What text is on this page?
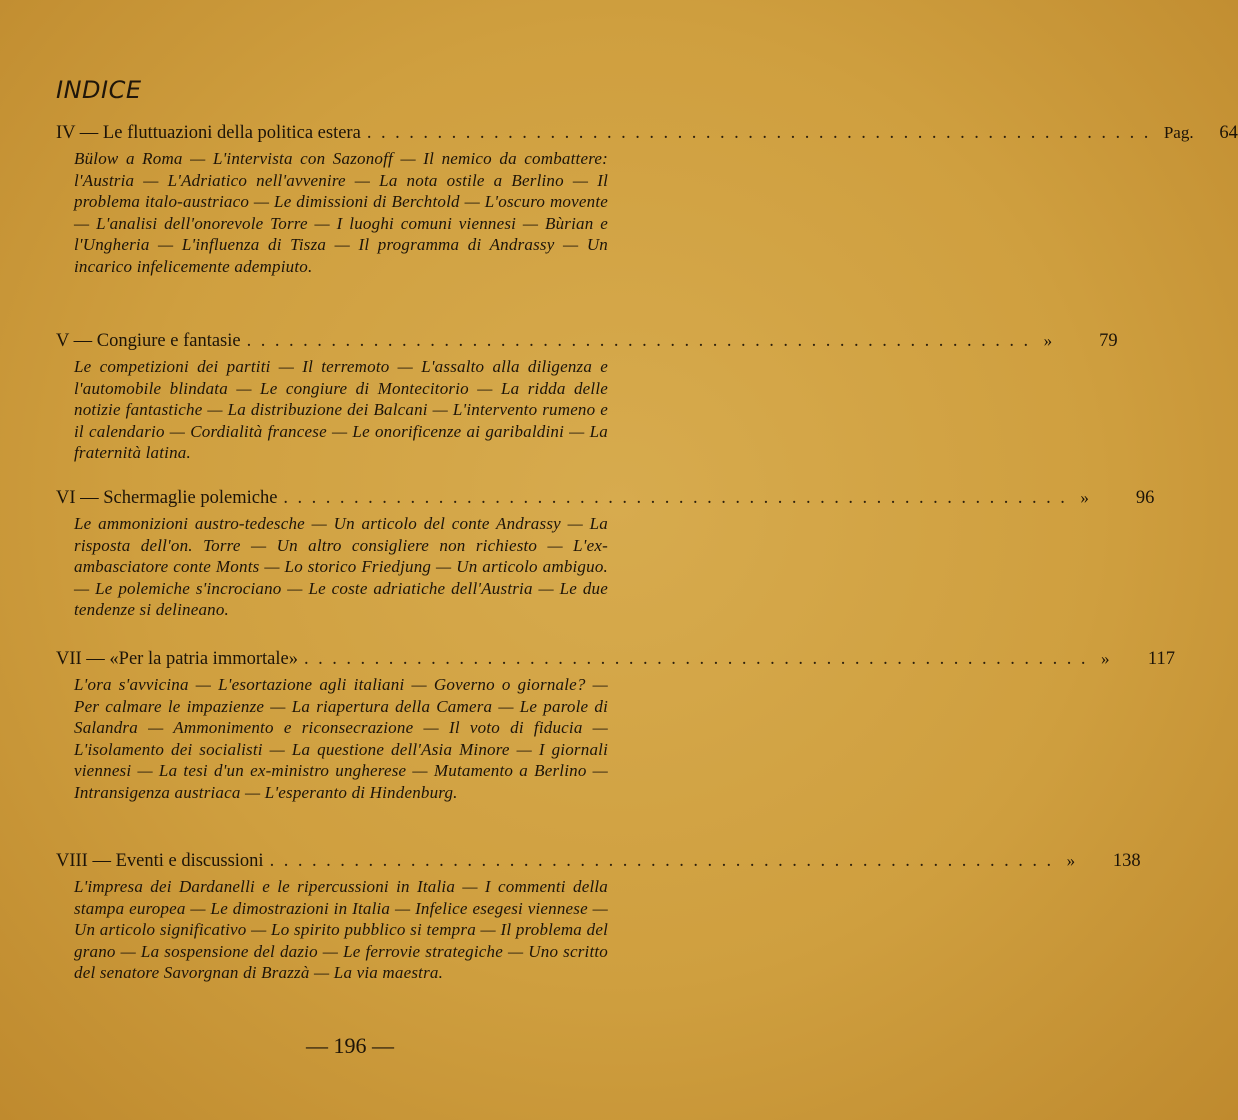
INDICE
IV — Le fluttuazioni della politica estera ........................................................ Pag. 64
Bülow a Roma — L'intervista con Sazonoff — Il nemico da combattere: l'Austria — L'Adriatico nell'avvenire — La nota ostile a Berlino — Il problema italo-austriaco — Le dimissioni di Berchtold — L'oscuro movente — L'analisi dell'onorevole Torre — I luoghi comuni viennesi — Bùrian e l'Ungheria — L'influenza di Tisza — Il programma di Andrassy — Un incarico infelicemente adempiuto.
V — Congiure e fantasie ........................................................ »	79
Le competizioni dei partiti — Il terremoto — L'assalto alla diligenza e l'automobile blindata — Le congiure di Montecitorio — La ridda delle notizie fantastiche — La distribuzione dei Balcani — L'intervento rumeno e il calendario — Cordialità francese — Le onorificenze ai garibaldini — La fraternità latina.
VI — Schermaglie polemiche ........................................................ »	96
Le ammonizioni austro-tedesche — Un articolo del conte Andrassy — La risposta dell'on. Torre — Un altro consigliere non richiesto — L'ex-ambasciatore conte Monts — Lo storico Friedjung — Un articolo ambiguo. — Le polemiche s'incrociano — Le coste adriatiche dell'Austria — Le due tendenze si delineano.
VII — «Per la patria immortale» ........................................................ » 117
L'ora s'avvicina — L'esortazione agli italiani — Governo o giornale? — Per calmare le impazienze — La riapertura della Camera — Le parole di Salandra — Ammonimento e riconsecrazione — Il voto di fiducia — L'isolamento dei socialisti — La questione dell'Asia Minore — I giornali viennesi — La tesi d'un ex-ministro ungherese — Mutamento a Berlino — Intransigenza austriaca — L'esperanto di Hindenburg.
VIII — Eventi e discussioni ........................................................ » 138
L'impresa dei Dardanelli e le ripercussioni in Italia — I commenti della stampa europea — Le dimostrazioni in Italia — Infelice esegesi viennese — Un articolo significativo — Lo spirito pubblico si tempra — Il problema del grano — La sospensione del dazio — Le ferrovie strategiche — Uno scritto del senatore Savorgnan di Brazzà — La via maestra.
— 196 —
